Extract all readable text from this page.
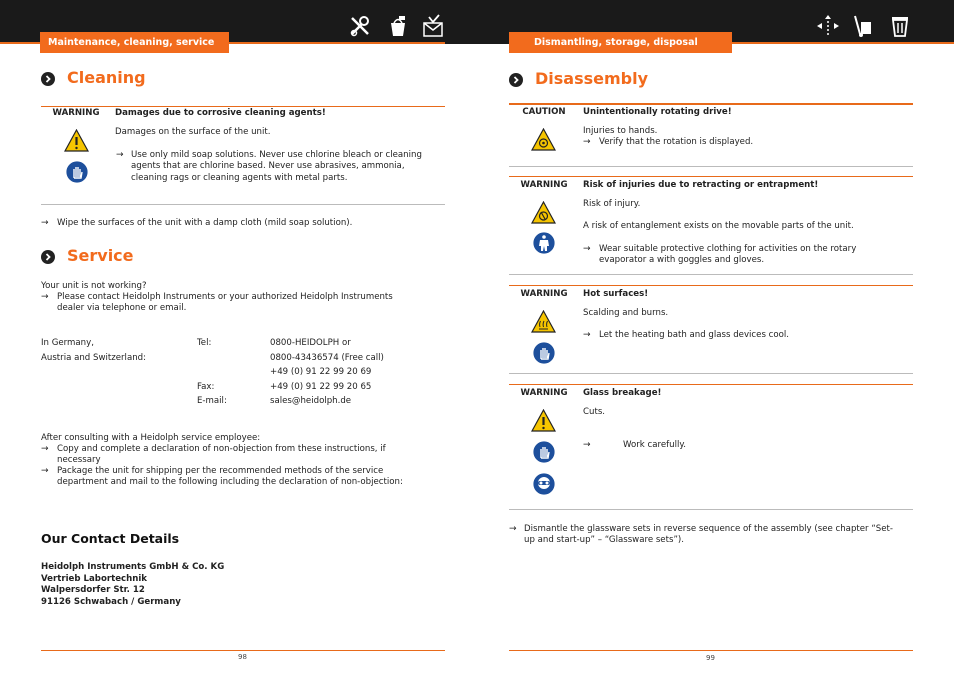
Maintenance, cleaning, service	Dismantling, storage, disposal
Cleaning
WARNING	Damages due to corrosive cleaning agents!
Damages on the surface of the unit.
→ Use only mild soap solutions. Never use chlorine bleach or cleaning agents that are chlorine based. Never use abrasives, ammonia, cleaning rags or cleaning agents with metal parts.
→ Wipe the surfaces of the unit with a damp cloth (mild soap solution).
Service
Your unit is not working?
→ Please contact Heidolph Instruments or your authorized Heidolph Instruments dealer via telephone or email.
In Germany,
Austria and Switzerland:
Tel:	0800-HEIDOLPH or
0800-43436574 (Free call)
+49 (0) 91 22 99 20 69
Fax:	+49 (0) 91 22 99 20 65
E-mail:	sales@heidolph.de
After consulting with a Heidolph service employee:
→ Copy and complete a declaration of non-objection from these instructions, if necessary
→ Package the unit for shipping per the recommended methods of the service department and mail to the following including the declaration of non-objection:
Our Contact Details
Heidolph Instruments GmbH & Co. KG
Vertrieb Labortechnik
Walpersdorfer Str. 12
91126 Schwabach / Germany
98
Disassembly
CAUTION	Unintentionally rotating drive!
Injuries to hands.
→ Verify that the rotation is displayed.
WARNING	Risk of injuries due to retracting or entrapment!
Risk of injury.
A risk of entanglement exists on the movable parts of the unit.
→ Wear suitable protective clothing for activities on the rotary evaporator a with goggles and gloves.
WARNING	Hot surfaces!
Scalding and burns.
→ Let the heating bath and glass devices cool.
WARNING	Glass breakage!
Cuts.
→	Work carefully.
→ Dismantle the glassware sets in reverse sequence of the assembly (see chapter “Set-up and start-up” – “Glassware sets”).
99
